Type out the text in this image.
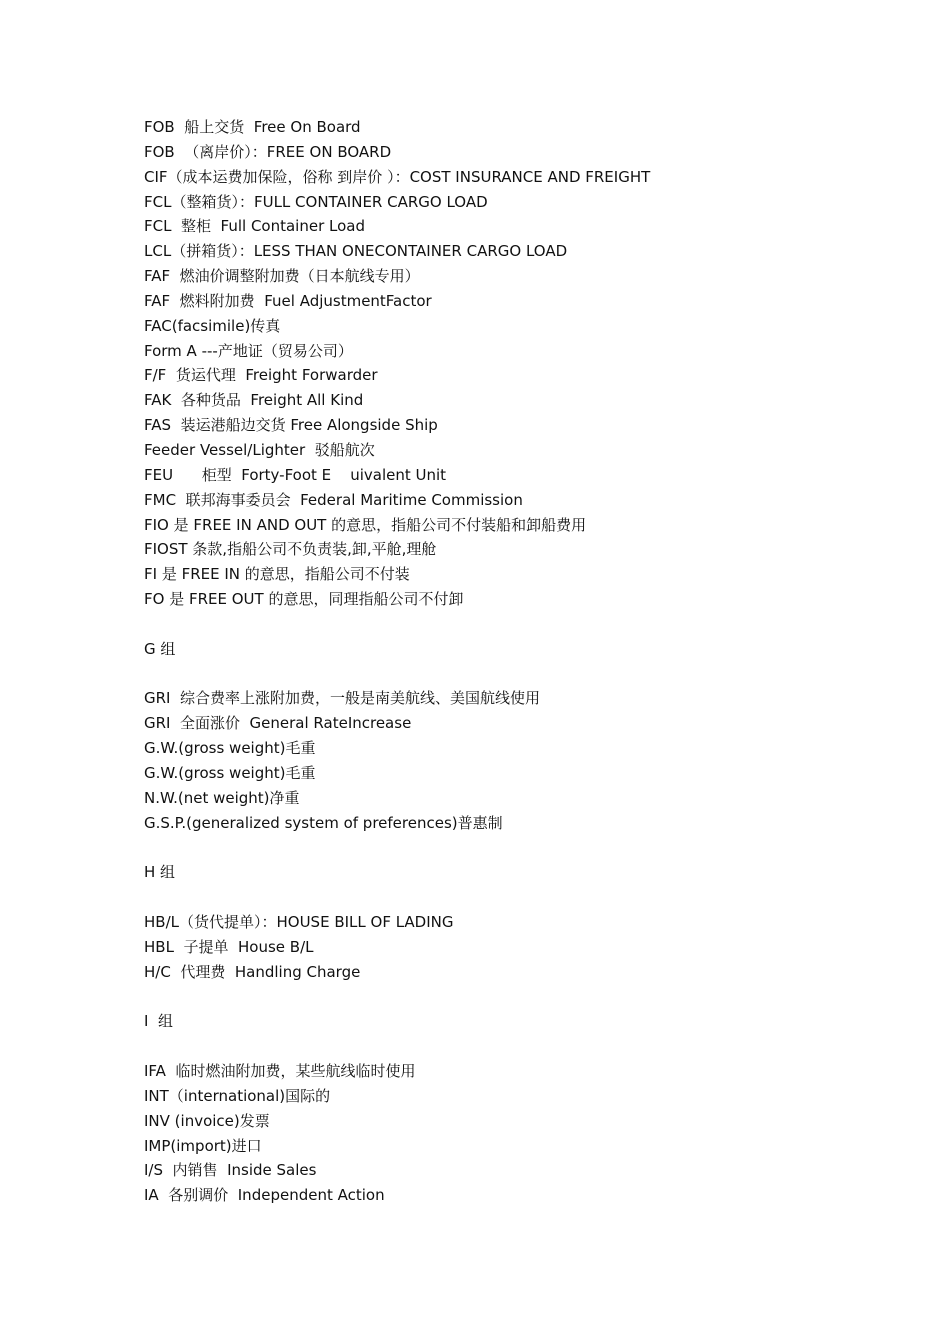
FOB  船上交货  Free On Board
FOB  （离岸价）：FREE ON BOARD
CIF（成本运费加保险，俗称 到岸价 ）：COST INSURANCE AND FREIGHT
FCL（整箱货）：FULL CONTAINER CARGO LOAD
FCL  整柜  Full Container Load
LCL（拼箱货）：LESS THAN ONECONTAINER CARGO LOAD
FAF  燃油价调整附加费（日本航线专用）
FAF  燃料附加费  Fuel AdjustmentFactor
FAC(facsimile)传真
Form A ---产地证（贸易公司）
F/F  货运代理  Freight Forwarder
FAK  各种货品  Freight All Kind
FAS  装运港船边交货 Free Alongside Ship
Feeder Vessel/Lighter  驳船航次
FEU      柜型  Forty-Foot E    uivalent Unit
FMC  联邦海事委员会  Federal Maritime Commission
FIO 是 FREE IN AND OUT 的意思，指船公司不付装船和卸船费用
FIOST 条款,指船公司不负责装,卸,平舱,理舱
FI 是 FREE IN 的意思，指船公司不付装
FO 是 FREE OUT 的意思，同理指船公司不付卸
G 组
GRI  综合费率上涨附加费，一般是南美航线、美国航线使用
GRI  全面涨价  General RateIncrease
G.W.(gross weight)毛重
G.W.(gross weight)毛重
N.W.(net weight)净重
G.S.P.(generalized system of preferences)普惠制
H 组
HB/L（货代提单）：HOUSE BILL OF LADING
HBL  子提单  House B/L
H/C  代理费  Handling Charge
I  组
IFA  临时燃油附加费，某些航线临时使用
INT（international)国际的
INV (invoice)发票
IMP(import)进口
I/S  内销售  Inside Sales
IA  各别调价  Independent Action
